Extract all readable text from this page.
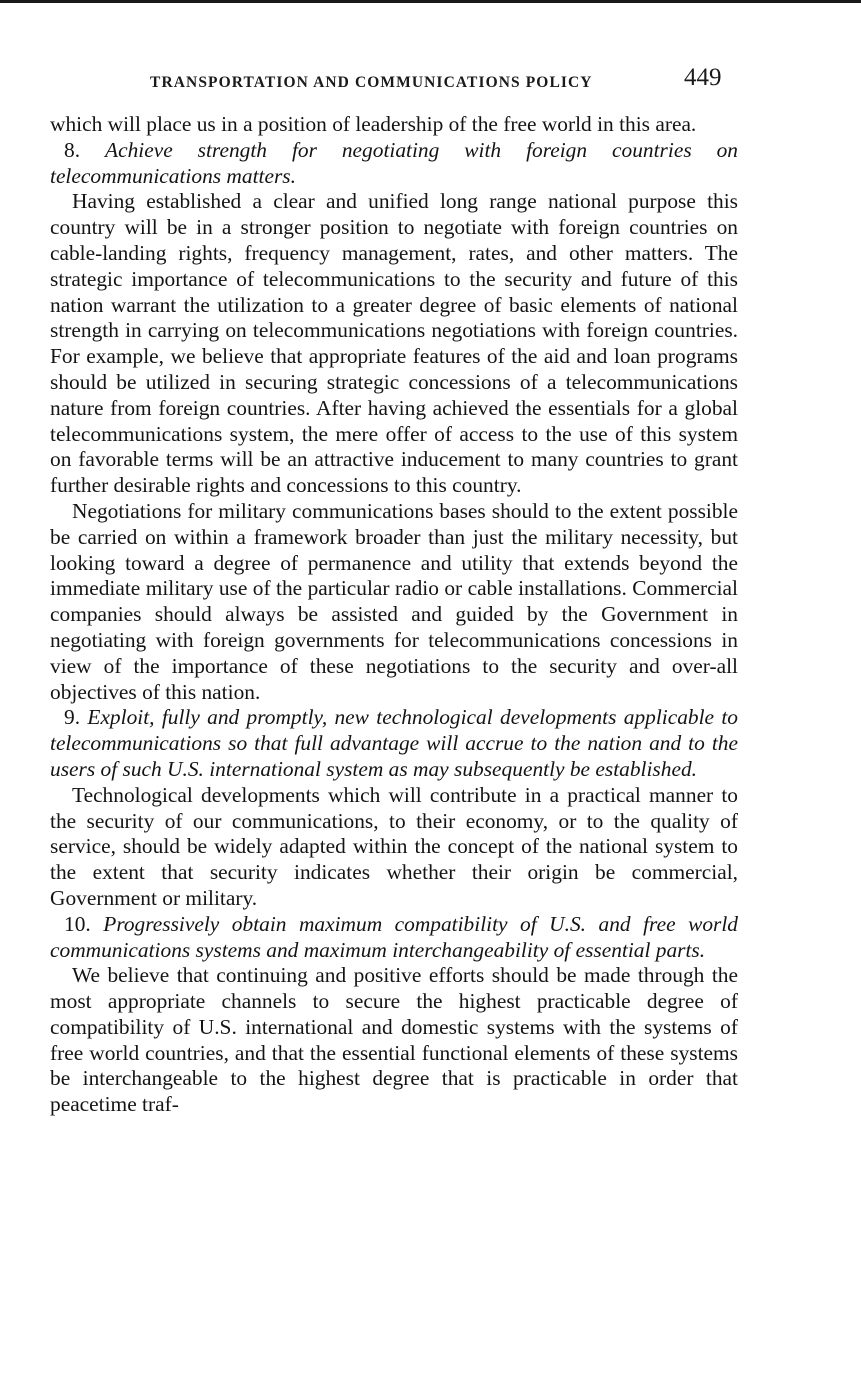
TRANSPORTATION AND COMMUNICATIONS POLICY	449

which will place us in a position of leadership of the free world in this area.

8. Achieve strength for negotiating with foreign countries on telecommunications matters.

Having established a clear and unified long range national purpose this country will be in a stronger position to negotiate with foreign countries on cable-landing rights, frequency management, rates, and other matters. The strategic importance of telecommunications to the security and future of this nation warrant the utilization to a greater degree of basic elements of national strength in carrying on telecommunications negotiations with foreign countries. For example, we believe that appropriate features of the aid and loan programs should be utilized in securing strategic concessions of a telecommunications nature from foreign countries. After having achieved the essentials for a global telecommunications system, the mere offer of access to the use of this system on favorable terms will be an attractive inducement to many countries to grant further desirable rights and concessions to this country.

Negotiations for military communications bases should to the extent possible be carried on within a framework broader than just the military necessity, but looking toward a degree of permanence and utility that extends beyond the immediate military use of the particular radio or cable installations. Commercial companies should always be assisted and guided by the Government in negotiating with foreign governments for telecommunications concessions in view of the importance of these negotiations to the security and over-all objectives of this nation.

9. Exploit, fully and promptly, new technological developments applicable to telecommunications so that full advantage will accrue to the nation and to the users of such U.S. international system as may subsequently be established.

Technological developments which will contribute in a practical manner to the security of our communications, to their economy, or to the quality of service, should be widely adapted within the concept of the national system to the extent that security indicates whether their origin be commercial, Government or military.

10. Progressively obtain maximum compatibility of U.S. and free world communications systems and maximum interchangeability of essential parts.

We believe that continuing and positive efforts should be made through the most appropriate channels to secure the highest practicable degree of compatibility of U.S. international and domestic systems with the systems of free world countries, and that the essential functional elements of these systems be interchangeable to the highest degree that is practicable in order that peacetime traf-
